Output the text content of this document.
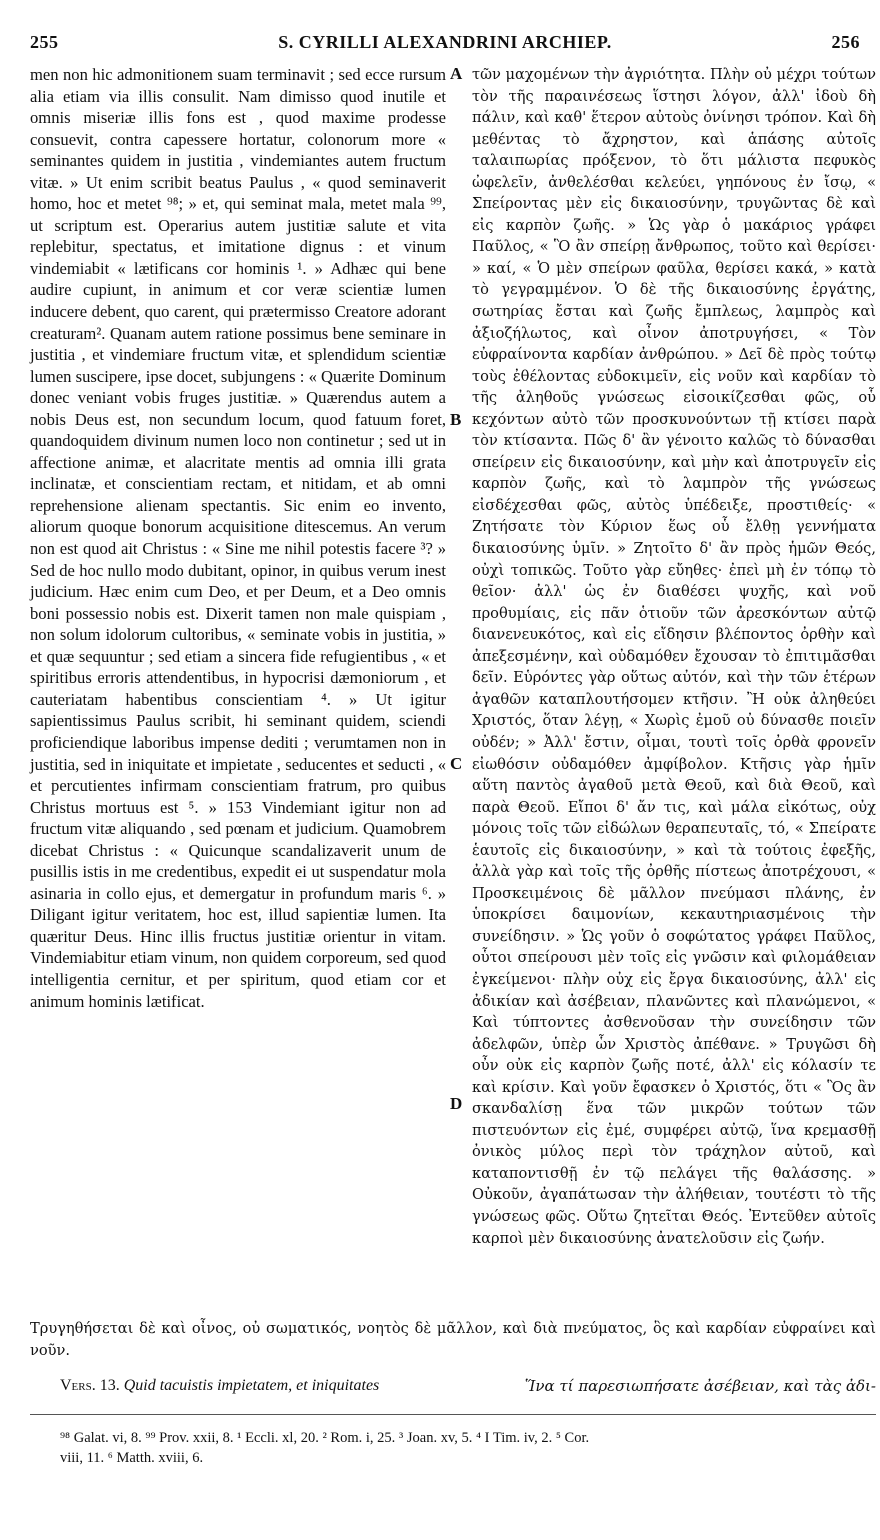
255	S. CYRILLI ALEXANDRINI ARCHIEP.	256

men non hic admonitionem suam terminavit ; sed ecce rursum alia etiam via illis consulit. Nam dimisso quod inutile et omnis miseriæ illis fons est , quod maxime prodesse consuevit, contra capessere hortatur, colonorum more « seminantes quidem in justitia , vindemiantes autem fructum vitæ. » Ut enim scribit beatus Paulus , « quod seminaverit homo, hoc et metet ⁹⁸; » et, qui seminat mala, metet mala ⁹⁹, ut scriptum est. Operarius autem justitiæ salute et vita replebitur, spectatus, et imitatione dignus : et vinum vindemiabit « lætificans cor hominis ¹. » Adhæc qui bene audire cupiunt, in animum et cor veræ scientiæ lumen inducere debent, quo carent, qui prætermisso Creatore adorant creaturam². Quanam autem ratione possimus bene seminare in justitia , et vindemiare fructum vitæ, et splendidum scientiæ lumen suscipere, ipse docet, subjungens : « Quærite Dominum donec veniant vobis fruges justitiæ. » Quærendus autem a nobis Deus est, non secundum locum, quod fatuum foret, quandoquidem divinum numen loco non continetur ; sed ut in affectione animæ, et alacritate mentis ad omnia illi grata inclinatæ, et conscientiam rectam, et nitidam, et ab omni reprehensione alienam spectantis. Sic enim eo invento, aliorum quoque bonorum acquisitione ditescemus. An verum non est quod ait Christus : « Sine me nihil potestis facere ³? » Sed de hoc nullo modo dubitant, opinor, in quibus verum inest judicium. Hæc enim cum Deo, et per Deum, et a Deo omnis boni possessio nobis est. Dixerit tamen non male quispiam , non solum idolorum cultoribus, « seminate vobis in justitia, » et quæ sequuntur ; sed etiam a sincera fide refugientibus , « et spiritibus erroris attendentibus, in hypocrisi dæmoniorum , et cauteriatam habentibus conscientiam ⁴. » Ut igitur sapientissimus Paulus scribit, hi seminant quidem, sciendi proficiendique laboribus impense dediti ; verumtamen non in justitia, sed in iniquitate et impietate , seducentes et seducti , « et percutientes infirmam conscientiam fratrum, pro quibus Christus mortuus est ⁵. » 153 Vindemiant igitur non ad fructum vitæ aliquando , sed pœnam et judicium. Quamobrem dicebat Christus : « Quicunque scandalizaverit unum de pusillis istis in me credentibus, expedit ei ut suspendatur mola asinaria in collo ejus, et demergatur in profundum maris ⁶. » Diligant igitur veritatem, hoc est, illud sapientiæ lumen. Ita quæritur Deus. Hinc illis fructus justitiæ orientur in vitam. Vindemiabitur etiam vinum, non quidem corporeum, sed quod intelligentia cernitur, et per spiritum, quod etiam cor et animum hominis lætificat.

A
B
C
D

τῶν μαχομένων τὴν ἀγριότητα. Πλὴν οὐ μέχρι τούτων τὸν τῆς παραινέσεως ἵστησι λόγον, ἀλλ' ἰδοὺ δὴ πάλιν, καὶ καθ' ἕτερον αὐτοὺς ὀνίνησι τρόπον. Καὶ δὴ μεθέντας τὸ ἄχρηστον, καὶ ἁπάσης αὐτοῖς ταλαιπωρίας πρόξενον, τὸ ὅτι μάλιστα πεφυκὸς ὠφελεῖν, ἀνθελέσθαι κελεύει, γηπόνους ἐν ἴσῳ, « Σπείροντας μὲν εἰς δικαιοσύνην, τρυγῶντας δὲ καὶ εἰς καρπὸν ζωῆς. » Ὡς γὰρ ὁ μακάριος γράφει Παῦλος, « Ὃ ἂν σπείρῃ ἄνθρωπος, τοῦτο καὶ θερίσει· » καί, « Ὁ μὲν σπείρων φαῦλα, θερίσει κακά, » κατὰ τὸ γεγραμμένον. Ὁ δὲ τῆς δικαιοσύνης ἐργάτης, σωτηρίας ἔσται καὶ ζωῆς ἔμπλεως, λαμπρὸς καὶ ἀξιοζήλωτος, καὶ οἶνον ἀποτρυγήσει, « Τὸν εὐφραίνοντα καρδίαν ἀνθρώπου. » Δεῖ δὲ πρὸς τούτῳ τοὺς ἐθέλοντας εὐδοκιμεῖν, εἰς νοῦν καὶ καρδίαν τὸ τῆς ἀληθοῦς γνώσεως εἰσοικίζεσθαι φῶς, οὗ κεχόντων αὐτὸ τῶν προσκυνούντων τῇ κτίσει παρὰ τὸν κτίσαντα. Πῶς δ' ἂν γένοιτο καλῶς τὸ δύνασθαι σπείρειν εἰς δικαιοσύνην, καὶ μὴν καὶ ἀποτρυγεῖν εἰς καρπὸν ζωῆς, καὶ τὸ λαμπρὸν τῆς γνώσεως εἰσδέχεσθαι φῶς, αὐτὸς ὑπέδειξε, προστιθείς· « Ζητήσατε τὸν Κύριον ἕως οὗ ἔλθῃ γεννήματα δικαιοσύνης ὑμῖν. » Ζητοῖτο δ' ἂν πρὸς ἡμῶν Θεός, οὐχὶ τοπικῶς. Τοῦτο γὰρ εὔηθες· ἐπεὶ μὴ ἐν τόπῳ τὸ θεῖον· ἀλλ' ὡς ἐν διαθέσει ψυχῆς, καὶ νοῦ προθυμίαις, εἰς πᾶν ὁτιοῦν τῶν ἀρεσκόντων αὐτῷ διανενευκότος, καὶ εἰς εἴδησιν βλέποντος ὀρθὴν καὶ ἀπεξεσμένην, καὶ οὐδαμόθεν ἔχουσαν τὸ ἐπιτιμᾶσθαι δεῖν. Εὑρόντες γὰρ οὕτως αὐτόν, καὶ τὴν τῶν ἑτέρων ἀγαθῶν καταπλουτήσομεν κτῆσιν. Ἢ οὐκ ἀληθεύει Χριστός, ὅταν λέγῃ, « Χωρὶς ἐμοῦ οὐ δύνασθε ποιεῖν οὐδέν; » Ἀλλ' ἔστιν, οἶμαι, τουτὶ τοῖς ὀρθὰ φρονεῖν εἰωθόσιν οὐδαμόθεν ἀμφίβολον. Κτῆσις γὰρ ἡμῖν αὕτη παντὸς ἀγαθοῦ μετὰ Θεοῦ, καὶ διὰ Θεοῦ, καὶ παρὰ Θεοῦ. Εἴποι δ' ἄν τις, καὶ μάλα εἰκότως, οὐχ μόνοις τοῖς τῶν εἰδώλων θεραπευταῖς, τό, « Σπείρατε ἑαυτοῖς εἰς δικαιοσύνην, » καὶ τὰ τούτοις ἐφεξῆς, ἀλλὰ γὰρ καὶ τοῖς τῆς ὀρθῆς πίστεως ἀποτρέχουσι, « Προσκειμένοις δὲ μᾶλλον πνεύμασι πλάνης, ἐν ὑποκρίσει δαιμονίων, κεκαυτηριασμένοις τὴν συνείδησιν. » Ὡς γοῦν ὁ σοφώτατος γράφει Παῦλος, οὗτοι σπείρουσι μὲν τοῖς εἰς γνῶσιν καὶ φιλομάθειαν ἐγκείμενοι· πλὴν οὐχ εἰς ἔργα δικαιοσύνης, ἀλλ' εἰς ἀδικίαν καὶ ἀσέβειαν, πλανῶντες καὶ πλανώμενοι, « Καὶ τύπτοντες ἀσθενοῦσαν τὴν συνείδησιν τῶν ἀδελφῶν, ὑπὲρ ὧν Χριστὸς ἀπέθανε. » Τρυγῶσι δὴ οὖν οὐκ εἰς καρπὸν ζωῆς ποτέ, ἀλλ' εἰς κόλασίν τε καὶ κρίσιν. Καὶ γοῦν ἔφασκεν ὁ Χριστός, ὅτι « Ὃς ἂν σκανδαλίσῃ ἕνα τῶν μικρῶν τούτων τῶν πιστευόντων εἰς ἐμέ, συμφέρει αὐτῷ, ἵνα κρεμασθῇ ὀνικὸς μύλος περὶ τὸν τράχηλον αὐτοῦ, καὶ καταποντισθῇ ἐν τῷ πελάγει τῆς θαλάσσης. » Οὐκοῦν, ἀγαπάτωσαν τὴν ἀλήθειαν, τουτέστι τὸ τῆς γνώσεως φῶς. Οὕτω ζητεῖται Θεός. Ἐντεῦθεν αὐτοῖς καρποὶ μὲν δικαιοσύνης ἀνατελοῦσιν εἰς ζωήν.

Τρυγηθήσεται δὲ καὶ οἶνος, οὐ σωματικός, νοητὸς δὲ μᾶλλον, καὶ διὰ πνεύματος, ὃς καὶ καρδίαν εὐφραίνει καὶ νοῦν.

Vers. 13. Quid tacuistis impietatem, et iniquitates	Ἵνα τί παρεσιωπήσατε ἀσέβειαν, καὶ τὰς ἀδι-

⁹⁸ Galat. vi, 8. ⁹⁹ Prov. xxii, 8. ¹ Eccli. xl, 20. ² Rom. i, 25. ³ Joan. xv, 5. ⁴ I Tim. iv, 2. ⁵ Cor.

viii, 11. ⁶ Matth. xviii, 6.
